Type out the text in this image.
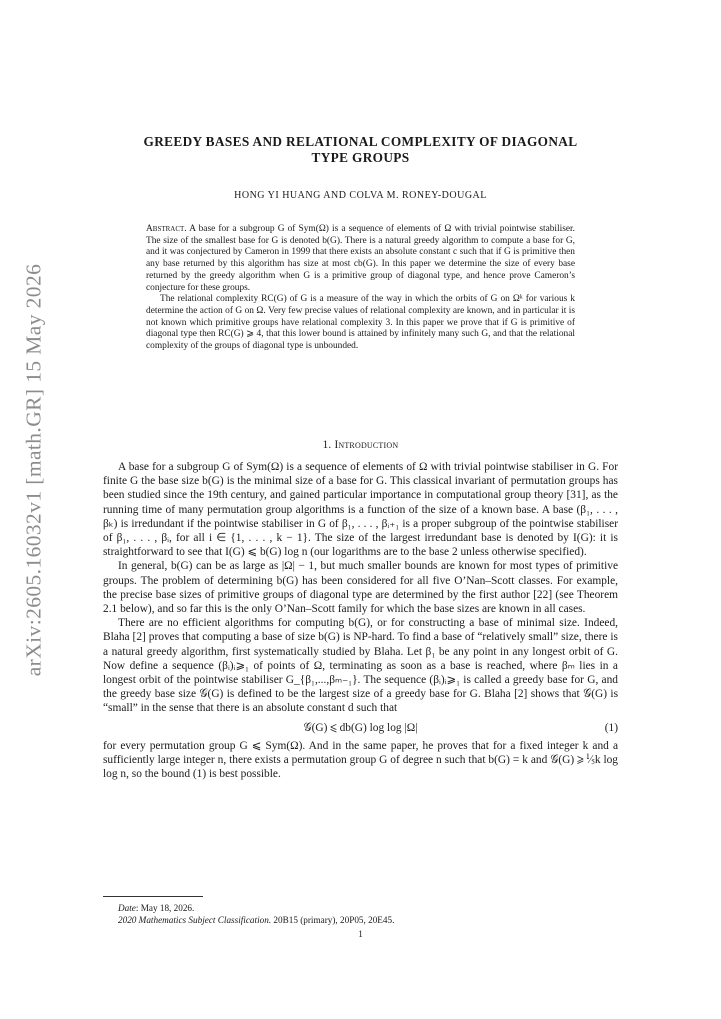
arXiv:2605.16032v1 [math.GR] 15 May 2026
GREEDY BASES AND RELATIONAL COMPLEXITY OF DIAGONAL
TYPE GROUPS
HONG YI HUANG AND COLVA M. RONEY-DOUGAL

Abstract. A base for a subgroup G of Sym(Ω) is a sequence of elements of Ω with trivial pointwise stabiliser. The size of the smallest base for G is denoted b(G). There is a natural greedy algorithm to compute a base for G, and it was conjectured by Cameron in 1999 that there exists an absolute constant c such that if G is primitive then any base returned by this algorithm has size at most cb(G). In this paper we determine the size of every base returned by the greedy algorithm when G is a primitive group of diagonal type, and hence prove Cameron’s conjecture for these groups.

The relational complexity RC(G) of G is a measure of the way in which the orbits of G on Ωᵏ for various k determine the action of G on Ω. Very few precise values of relational complexity are known, and in particular it is not known which primitive groups have relational complexity 3. In this paper we prove that if G is primitive of diagonal type then RC(G) ⩾ 4, that this lower bound is attained by infinitely many such G, and that the relational complexity of the groups of diagonal type is unbounded.

1. Introduction

A base for a subgroup G of Sym(Ω) is a sequence of elements of Ω with trivial pointwise stabiliser in G. For finite G the base size b(G) is the minimal size of a base for G. This classical invariant of permutation groups has been studied since the 19th century, and gained particular importance in computational group theory [31], as the running time of many permutation group algorithms is a function of the size of a known base. A base (β₁, . . . , βₖ) is irredundant if the pointwise stabiliser in G of β₁, . . . , βᵢ₊₁ is a proper subgroup of the pointwise stabiliser of β₁, . . . , βᵢ, for all i ∈ {1, . . . , k − 1}. The size of the largest irredundant base is denoted by I(G): it is straightforward to see that I(G) ⩽ b(G) log n (our logarithms are to the base 2 unless otherwise specified).

In general, b(G) can be as large as |Ω| − 1, but much smaller bounds are known for most types of primitive groups. The problem of determining b(G) has been considered for all five O’Nan–Scott classes. For example, the precise base sizes of primitive groups of diagonal type are determined by the first author [22] (see Theorem 2.1 below), and so far this is the only O’Nan–Scott family for which the base sizes are known in all cases.

There are no efficient algorithms for computing b(G), or for constructing a base of minimal size. Indeed, Blaha [2] proves that computing a base of size b(G) is NP-hard. To find a base of “relatively small” size, there is a natural greedy algorithm, first systematically studied by Blaha. Let β₁ be any point in any longest orbit of G. Now define a sequence (βᵢ)ᵢ⩾₁ of points of Ω, terminating as soon as a base is reached, where βₘ lies in a longest orbit of the pointwise stabiliser G_{β₁,...,βₘ₋₁}. The sequence (βᵢ)ᵢ⩾₁ is called a greedy base for G, and the greedy base size 𝒢(G) is defined to be the largest size of a greedy base for G. Blaha [2] shows that 𝒢(G) is “small” in the sense that there is an absolute constant d such that

𝒢(G) ⩽ db(G) log log |Ω|	(1)

for every permutation group G ⩽ Sym(Ω). And in the same paper, he proves that for a fixed integer k and a sufficiently large integer n, there exists a permutation group G of degree n such that b(G) = k and 𝒢(G) ⩾ ⅕k log log n, so the bound (1) is best possible.

Date: May 18, 2026.
2020 Mathematics Subject Classification. 20B15 (primary), 20P05, 20E45.
1
